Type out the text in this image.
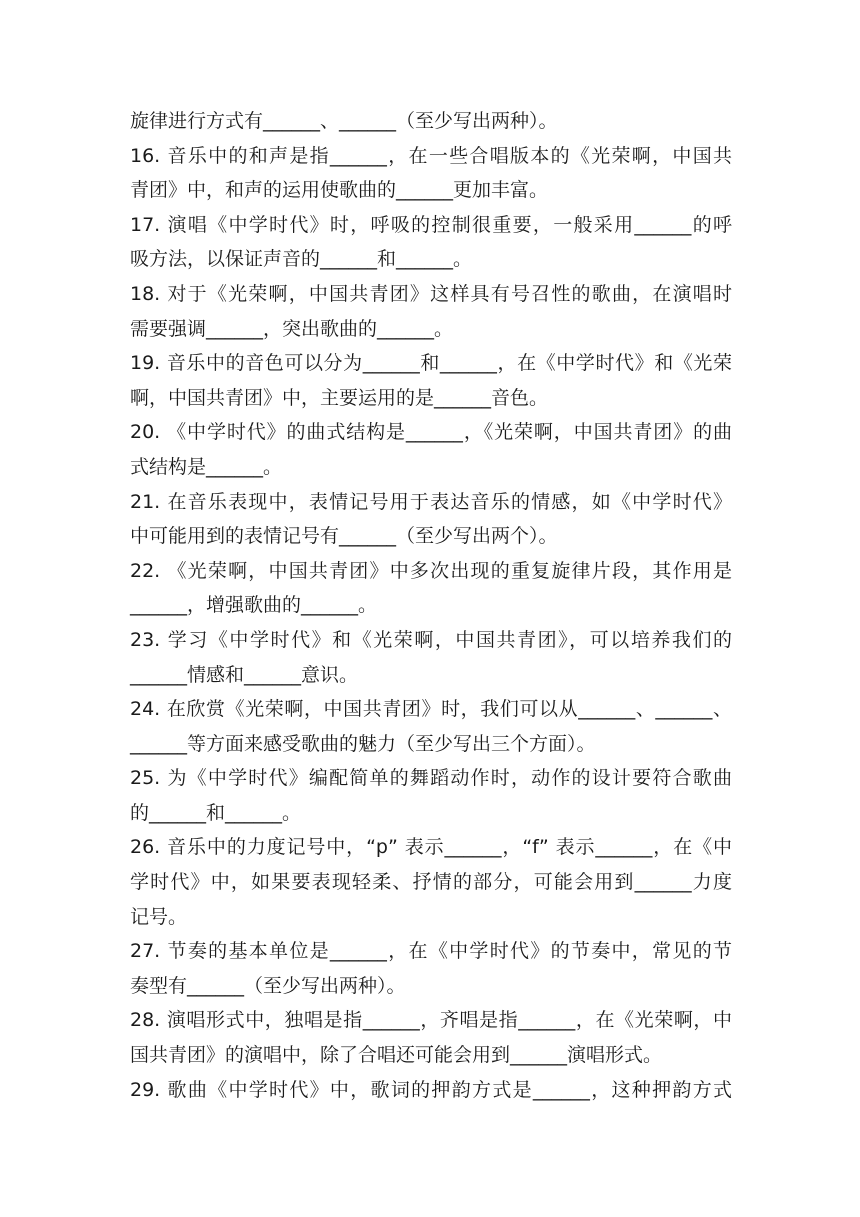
旋律进行方式有______、______（至少写出两种）。
16. 音乐中的和声是指______，在一些合唱版本的《光荣啊，中国共
青团》中，和声的运用使歌曲的______更加丰富。
17. 演唱《中学时代》时，呼吸的控制很重要，一般采用______的呼
吸方法，以保证声音的______和______。
18. 对于《光荣啊，中国共青团》这样具有号召性的歌曲，在演唱时
需要强调______，突出歌曲的______。
19. 音乐中的音色可以分为______和______，在《中学时代》和《光荣
啊，中国共青团》中，主要运用的是______音色。
20. 《中学时代》的曲式结构是______，《光荣啊，中国共青团》的曲
式结构是______。
21. 在音乐表现中，表情记号用于表达音乐的情感，如《中学时代》
中可能用到的表情记号有______（至少写出两个）。
22. 《光荣啊，中国共青团》中多次出现的重复旋律片段，其作用是
______，增强歌曲的______。
23. 学习《中学时代》和《光荣啊，中国共青团》，可以培养我们的
______情感和______意识。
24. 在欣赏《光荣啊，中国共青团》时，我们可以从______、______、
______等方面来感受歌曲的魅力（至少写出三个方面）。
25. 为《中学时代》编配简单的舞蹈动作时，动作的设计要符合歌曲
的______和______。
26. 音乐中的力度记号中，“p” 表示______，“f” 表示______，在《中
学时代》中，如果要表现轻柔、抒情的部分，可能会用到______力度
记号。
27. 节奏的基本单位是______，在《中学时代》的节奏中，常见的节
奏型有______（至少写出两种）。
28. 演唱形式中，独唱是指______，齐唱是指______，在《光荣啊，中
国共青团》的演唱中，除了合唱还可能会用到______演唱形式。
29. 歌曲《中学时代》中，歌词的押韵方式是______，这种押韵方式
